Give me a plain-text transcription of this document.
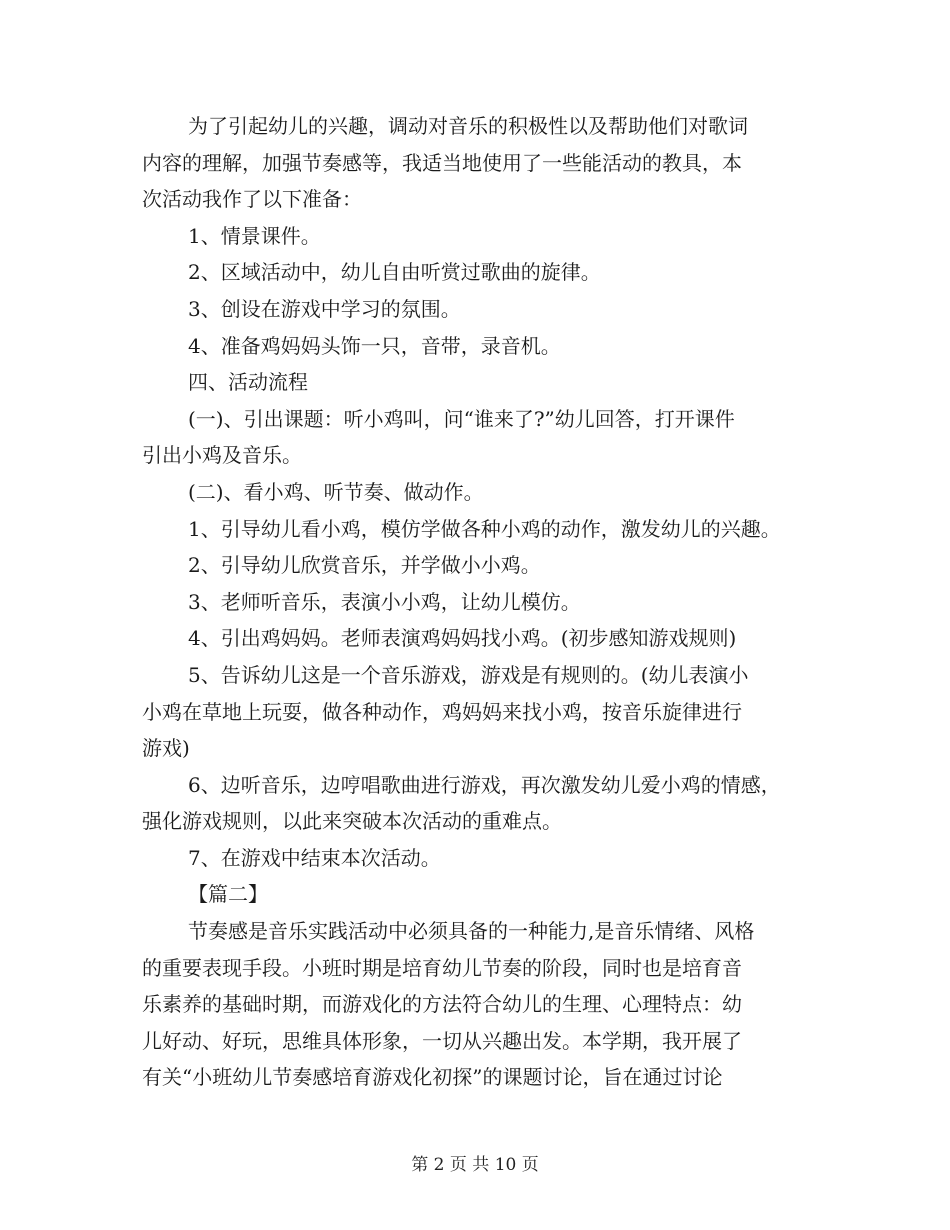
为了引起幼儿的兴趣，调动对音乐的积极性以及帮助他们对歌词

内容的理解，加强节奏感等，我适当地使用了一些能活动的教具，本

次活动我作了以下准备：

1、情景课件。

2、区域活动中，幼儿自由听赏过歌曲的旋律。

3、创设在游戏中学习的氛围。

4、准备鸡妈妈头饰一只，音带，录音机。

四、活动流程

(一)、引出课题：听小鸡叫，问“谁来了?”幼儿回答，打开课件

引出小鸡及音乐。

(二)、看小鸡、听节奏、做动作。

1、引导幼儿看小鸡，模仿学做各种小鸡的动作，激发幼儿的兴趣。

2、引导幼儿欣赏音乐，并学做小小鸡。

3、老师听音乐，表演小小鸡，让幼儿模仿。

4、引出鸡妈妈。老师表演鸡妈妈找小鸡。(初步感知游戏规则)

5、告诉幼儿这是一个音乐游戏，游戏是有规则的。(幼儿表演小

小鸡在草地上玩耍，做各种动作，鸡妈妈来找小鸡，按音乐旋律进行

游戏)

6、边听音乐，边哼唱歌曲进行游戏，再次激发幼儿爱小鸡的情感，

强化游戏规则，以此来突破本次活动的重难点。

7、在游戏中结束本次活动。

【篇二】

节奏感是音乐实践活动中必须具备的一种能力,是音乐情绪、风格

的重要表现手段。小班时期是培育幼儿节奏的阶段，同时也是培育音

乐素养的基础时期，而游戏化的方法符合幼儿的生理、心理特点：幼

儿好动、好玩，思维具体形象，一切从兴趣出发。本学期，我开展了

有关“小班幼儿节奏感培育游戏化初探”的课题讨论，旨在通过讨论

第 2 页 共 10 页
